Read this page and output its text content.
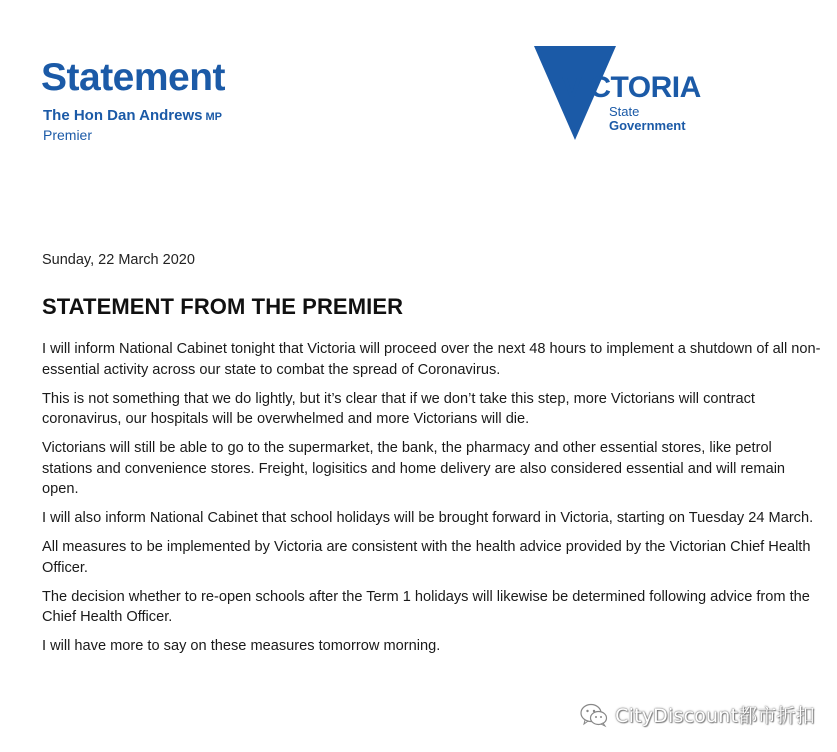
Statement
The Hon Dan Andrews MP
Premier
VICTORIA
State
Government
Sunday, 22 March 2020
STATEMENT FROM THE PREMIER

I will inform National Cabinet tonight that Victoria will proceed over the next 48 hours to implement a shutdown of all non-essential activity across our state to combat the spread of Coronavirus.

This is not something that we do lightly, but it’s clear that if we don’t take this step, more Victorians will contract coronavirus, our hospitals will be overwhelmed and more Victorians will die.

Victorians will still be able to go to the supermarket, the bank, the pharmacy and other essential stores, like petrol stations and convenience stores. Freight, logisitics and home delivery are also considered essential and will remain open.

I will also inform National Cabinet that school holidays will be brought forward in Victoria, starting on Tuesday 24 March.

All measures to be implemented by Victoria are consistent with the health advice provided by the Victorian Chief Health Officer.

The decision whether to re-open schools after the Term 1 holidays will likewise be determined following advice from the Chief Health Officer.

I will have more to say on these measures tomorrow morning.

CityDiscount都市折扣
